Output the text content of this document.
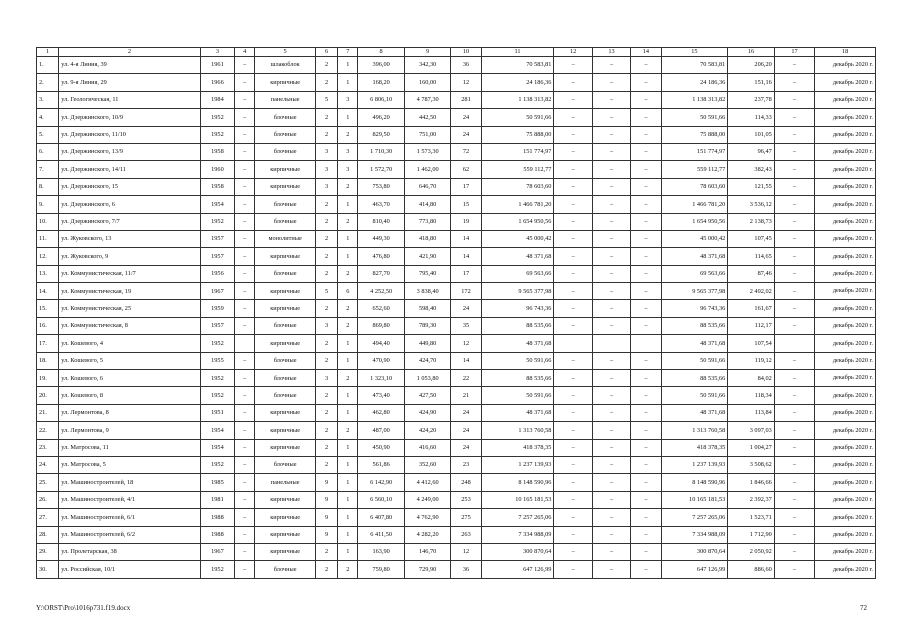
1	2	3	4	5	6	7	8	9	10	11	12	13	14	15	16	17	18
1.	ул. 4-я Линия, 39	1961	–	шлакоблок	2	1	396,00	342,30	36	70 583,81	–	–	–	70 583,81	206,20	–	декабрь 2020 г.
2.	ул. 9-я Линия, 29	1966	–	кирпичные	2	1	168,20	160,00	12	24 186,36	–	–	–	24 186,36	151,16	–	декабрь 2020 г.
3.	ул. Геологическая, 11	1984	–	панельные	5	3	6 806,10	4 787,30	281	1 138 313,82	–	–	–	1 138 313,82	237,78	–	декабрь 2020 г.
4.	ул. Дзержинского, 10/9	1952	–	блочные	2	1	496,20	442,50	24	50 591,66	–	–	–	50 591,66	114,33	–	декабрь 2020 г.
5.	ул. Дзержинского, 11/10	1952	–	блочные	2	2	829,50	751,00	24	75 888,00	–	–	–	75 888,00	101,05	–	декабрь 2020 г.
6.	ул. Дзержинского, 13/9	1958	–	блочные	3	3	1 710,30	1 573,30	72	151 774,97	–	–	–	151 774,97	96,47	–	декабрь 2020 г.
7.	ул. Дзержинского, 14/11	1960	–	кирпичные	3	3	1 572,70	1 462,00	62	559 112,77	–	–	–	559 112,77	382,43	–	декабрь 2020 г.
8.	ул. Дзержинского, 15	1958	–	кирпичные	3	2	753,80	646,70	17	78 603,60	–	–	–	78 603,60	121,55	–	декабрь 2020 г.
9.	ул. Дзержинского, 6	1954	–	блочные	2	1	463,70	414,80	15	1 466 781,20	–	–	–	1 466 781,20	3 536,12	–	декабрь 2020 г.
10.	ул. Дзержинского, 7/7	1952	–	блочные	2	2	810,40	773,80	19	1 654 950,56	–	–	–	1 654 950,56	2 138,73	–	декабрь 2020 г.
11.	ул. Жуковского, 13	1957	–	монолитные	2	1	449,30	418,80	14	45 000,42	–	–	–	45 000,42	107,45	–	декабрь 2020 г.
12.	ул. Жуковского, 9	1957	–	кирпичные	2	1	476,80	421,90	14	48 371,68	–	–	–	48 371,68	114,65	–	декабрь 2020 г.
13.	ул. Коммунистическая, 11/7	1956	–	блочные	2	2	827,70	795,40	17	69 563,66	–	–	–	69 563,66	87,46	–	декабрь 2020 г.
14.	ул. Коммунистическая, 19	1967	–	кирпичные	5	6	4 252,50	3 838,40	172	9 565 377,98	–	–	–	9 565 377,98	2 492,02	–	декабрь 2020 г.
15.	ул. Коммунистическая, 25	1959	–	кирпичные	2	2	652,60	598,40	24	96 743,36	–	–	–	96 743,36	161,67	–	декабрь 2020 г.
16.	ул. Коммунистическая, 8	1957	–	блочные	3	2	869,80	789,30	35	88 535,66	–	–	–	88 535,66	112,17	–	декабрь 2020 г.
17.	ул. Кошевого, 4	1952		кирпичные	2	1	494,40	449,80	12	48 371,68				48 371,68	107,54		декабрь 2020 г.
18.	ул. Кошевого, 5	1955	–	блочные	2	1	470,90	424,70	14	50 591,66	–	–	–	50 591,66	119,12	–	декабрь 2020 г.
19.	ул. Кошевого, 6	1952	–	блочные	3	2	1 323,10	1 053,80	22	88 535,66	–	–	–	88 535,66	84,02	–	декабрь 2020 г.
20.	ул. Кошевого, 8	1952	–	блочные	2	1	473,40	427,50	21	50 591,66	–	–	–	50 591,66	118,34	–	декабрь 2020 г.
21.	ул. Лермонтова, 8	1951	–	кирпичные	2	1	462,80	424,90	24	48 371,68	–	–	–	48 371,68	113,84	–	декабрь 2020 г.
22.	ул. Лермонтова, 9	1954	–	кирпичные	2	2	487,00	424,20	24	1 313 760,58	–	–	–	1 313 760,58	3 097,03	–	декабрь 2020 г.
23.	ул. Матросова, 11	1954	–	кирпичные	2	1	450,90	416,60	24	418 378,35	–	–	–	418 378,35	1 004,27	–	декабрь 2020 г.
24.	ул. Матросова, 5	1952	–	блочные	2	1	561,86	352,60	23	1 237 139,93	–	–	–	1 237 139,93	3 508,62	–	декабрь 2020 г.
25.	ул. Машиностроителей, 18	1985	–	панельные	9	1	6 142,90	4 412,60	248	8 148 590,96	–	–	–	8 148 590,96	1 846,66	–	декабрь 2020 г.
26.	ул. Машиностроителей, 4/1	1981	–	кирпичные	9	1	6 560,10	4 249,00	253	10 165 181,53	–	–	–	10 165 181,53	2 392,37	–	декабрь 2020 г.
27.	ул. Машиностроителей, 6/1	1988	–	кирпичные	9	1	6 407,80	4 762,90	275	7 257 265,06	–	–	–	7 257 265,06	1 523,71	–	декабрь 2020 г.
28.	ул. Машиностроителей, 6/2	1988	–	кирпичные	9	1	6 411,50	4 282,20	263	7 334 988,09	–	–	–	7 334 988,09	1 712,90	–	декабрь 2020 г.
29.	ул. Пролетарская, 38	1967	–	кирпичные	2	1	163,90	146,70	12	300 870,64	–	–	–	300 870,64	2 050,92	–	декабрь 2020 г.
30.	ул. Российская, 10/1	1952	–	блочные	2	2	759,80	729,90	36	647 126,99	–	–	–	647 126,99	886,60	–	декабрь 2020 г.
Y:\ORST\Pro\1016p731.f19.docx	72
